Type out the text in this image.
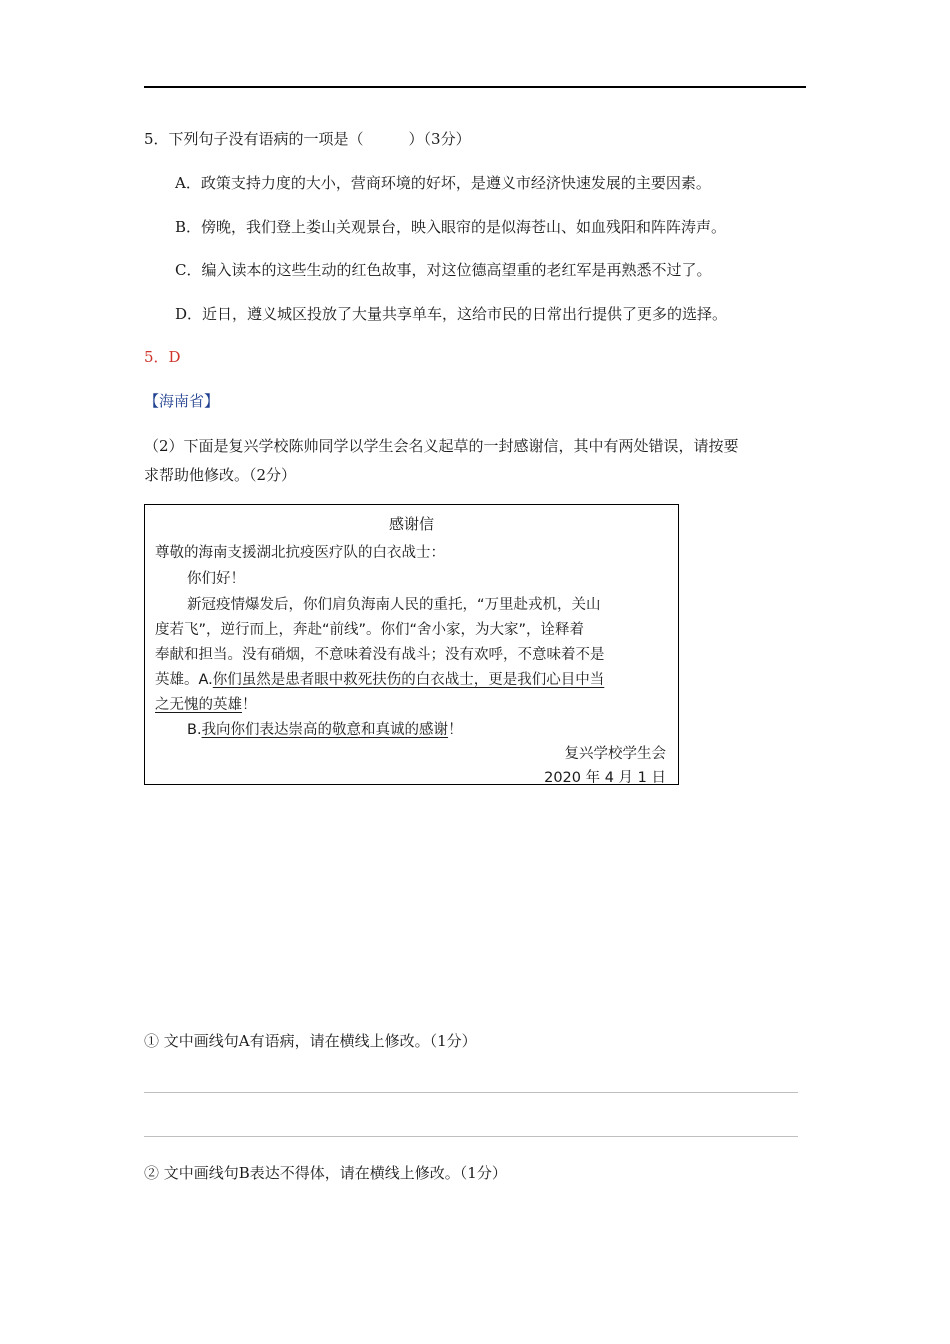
5．下列句子没有语病的一项是（　　　）（3分）
A．政策支持力度的大小，营商环境的好坏，是遵义市经济快速发展的主要因素。
B．傍晚，我们登上娄山关观景台，映入眼帘的是似海苍山、如血残阳和阵阵涛声。
C．编入读本的这些生动的红色故事，对这位德高望重的老红军是再熟悉不过了。
D．近日，遵义城区投放了大量共享单车，这给市民的日常出行提供了更多的选择。
5．D
【海南省】
（2）下面是复兴学校陈帅同学以学生会名义起草的一封感谢信，其中有两处错误，请按要
求帮助他修改。（2分）
感谢信
尊敬的海南支援湖北抗疫医疗队的白衣战士：
你们好！
新冠疫情爆发后，你们肩负海南人民的重托，“万里赴戎机，关山
度若飞”，逆行而上，奔赴“前线”。你们“舍小家，为大家”，诠释着
奉献和担当。没有硝烟，不意味着没有战斗；没有欢呼，不意味着不是
英雄。A.你们虽然是患者眼中救死扶伤的白衣战士，更是我们心目中当
之无愧的英雄！
B.我向你们表达崇高的敬意和真诚的感谢！
复兴学校学生会
2020 年 4 月 1 日
① 文中画线句A有语病，请在横线上修改。（1分）
② 文中画线句B表达不得体，请在横线上修改。（1分）
